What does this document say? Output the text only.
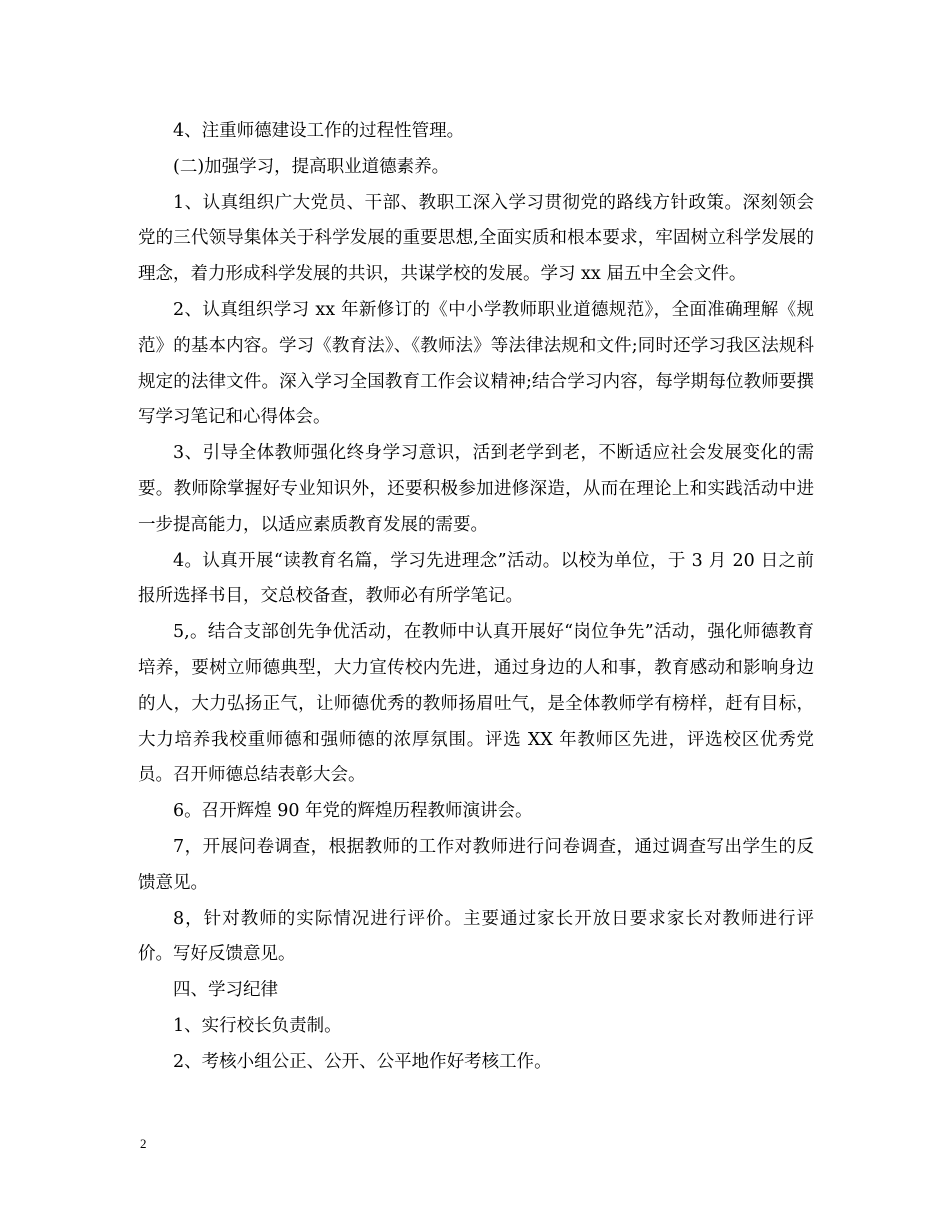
4、注重师德建设工作的过程性管理。

(二)加强学习，提高职业道德素养。

1、认真组织广大党员、干部、教职工深入学习贯彻党的路线方针政策。深刻领会党的三代领导集体关于科学发展的重要思想,全面实质和根本要求，牢固树立科学发展的理念，着力形成科学发展的共识，共谋学校的发展。学习 xx 届五中全会文件。

2、认真组织学习 xx 年新修订的《中小学教师职业道德规范》，全面准确理解《规范》的基本内容。学习《教育法》、《教师法》等法律法规和文件;同时还学习我区法规科规定的法律文件。深入学习全国教育工作会议精神;结合学习内容，每学期每位教师要撰写学习笔记和心得体会。

3、引导全体教师强化终身学习意识，活到老学到老，不断适应社会发展变化的需要。教师除掌握好专业知识外，还要积极参加进修深造，从而在理论上和实践活动中进一步提高能力，以适应素质教育发展的需要。

4。认真开展“读教育名篇，学习先进理念”活动。以校为单位，于 3 月 20 日之前报所选择书目，交总校备查，教师必有所学笔记。

5,。结合支部创先争优活动，在教师中认真开展好“岗位争先”活动，强化师德教育培养，要树立师德典型，大力宣传校内先进，通过身边的人和事，教育感动和影响身边的人，大力弘扬正气，让师德优秀的教师扬眉吐气，是全体教师学有榜样，赶有目标，大力培养我校重师德和强师德的浓厚氛围。评选 XX 年教师区先进，评选校区优秀党员。召开师德总结表彰大会。

6。召开辉煌 90 年党的辉煌历程教师演讲会。

7，开展问卷调查，根据教师的工作对教师进行问卷调查，通过调查写出学生的反馈意见。

8，针对教师的实际情况进行评价。主要通过家长开放日要求家长对教师进行评价。写好反馈意见。

四、学习纪律

1、实行校长负责制。

2、考核小组公正、公开、公平地作好考核工作。

2
